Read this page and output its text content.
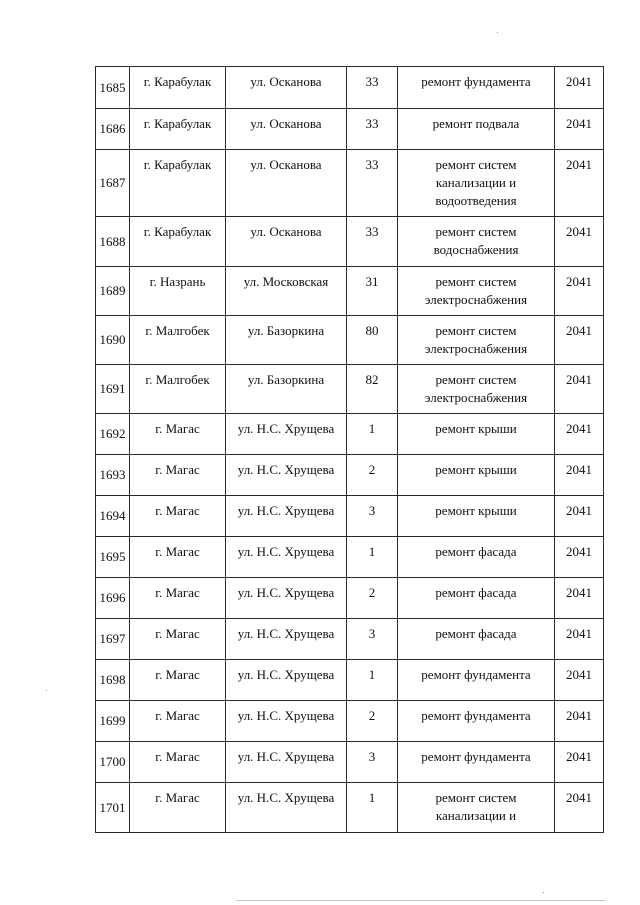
1685	г. Карабулак	ул. Осканова	33	ремонт фундамента	2041
1686	г. Карабулак	ул. Осканова	33	ремонт подвала	2041
1687	г. Карабулак	ул. Осканова	33	ремонт систем канализации и водоотведения	2041
1688	г. Карабулак	ул. Осканова	33	ремонт систем водоснабжения	2041
1689	г. Назрань	ул. Московская	31	ремонт систем электроснабжения	2041
1690	г. Малгобек	ул. Базоркина	80	ремонт систем электроснабжения	2041
1691	г. Малгобек	ул. Базоркина	82	ремонт систем электроснабжения	2041
1692	г. Магас	ул. Н.С. Хрущева	1	ремонт крыши	2041
1693	г. Магас	ул. Н.С. Хрущева	2	ремонт крыши	2041
1694	г. Магас	ул. Н.С. Хрущева	3	ремонт крыши	2041
1695	г. Магас	ул. Н.С. Хрущева	1	ремонт фасада	2041
1696	г. Магас	ул. Н.С. Хрущева	2	ремонт фасада	2041
1697	г. Магас	ул. Н.С. Хрущева	3	ремонт фасада	2041
1698	г. Магас	ул. Н.С. Хрущева	1	ремонт фундамента	2041
1699	г. Магас	ул. Н.С. Хрущева	2	ремонт фундамента	2041
1700	г. Магас	ул. Н.С. Хрущева	3	ремонт фундамента	2041
1701	г. Магас	ул. Н.С. Хрущева	1	ремонт систем канализации и	2041
